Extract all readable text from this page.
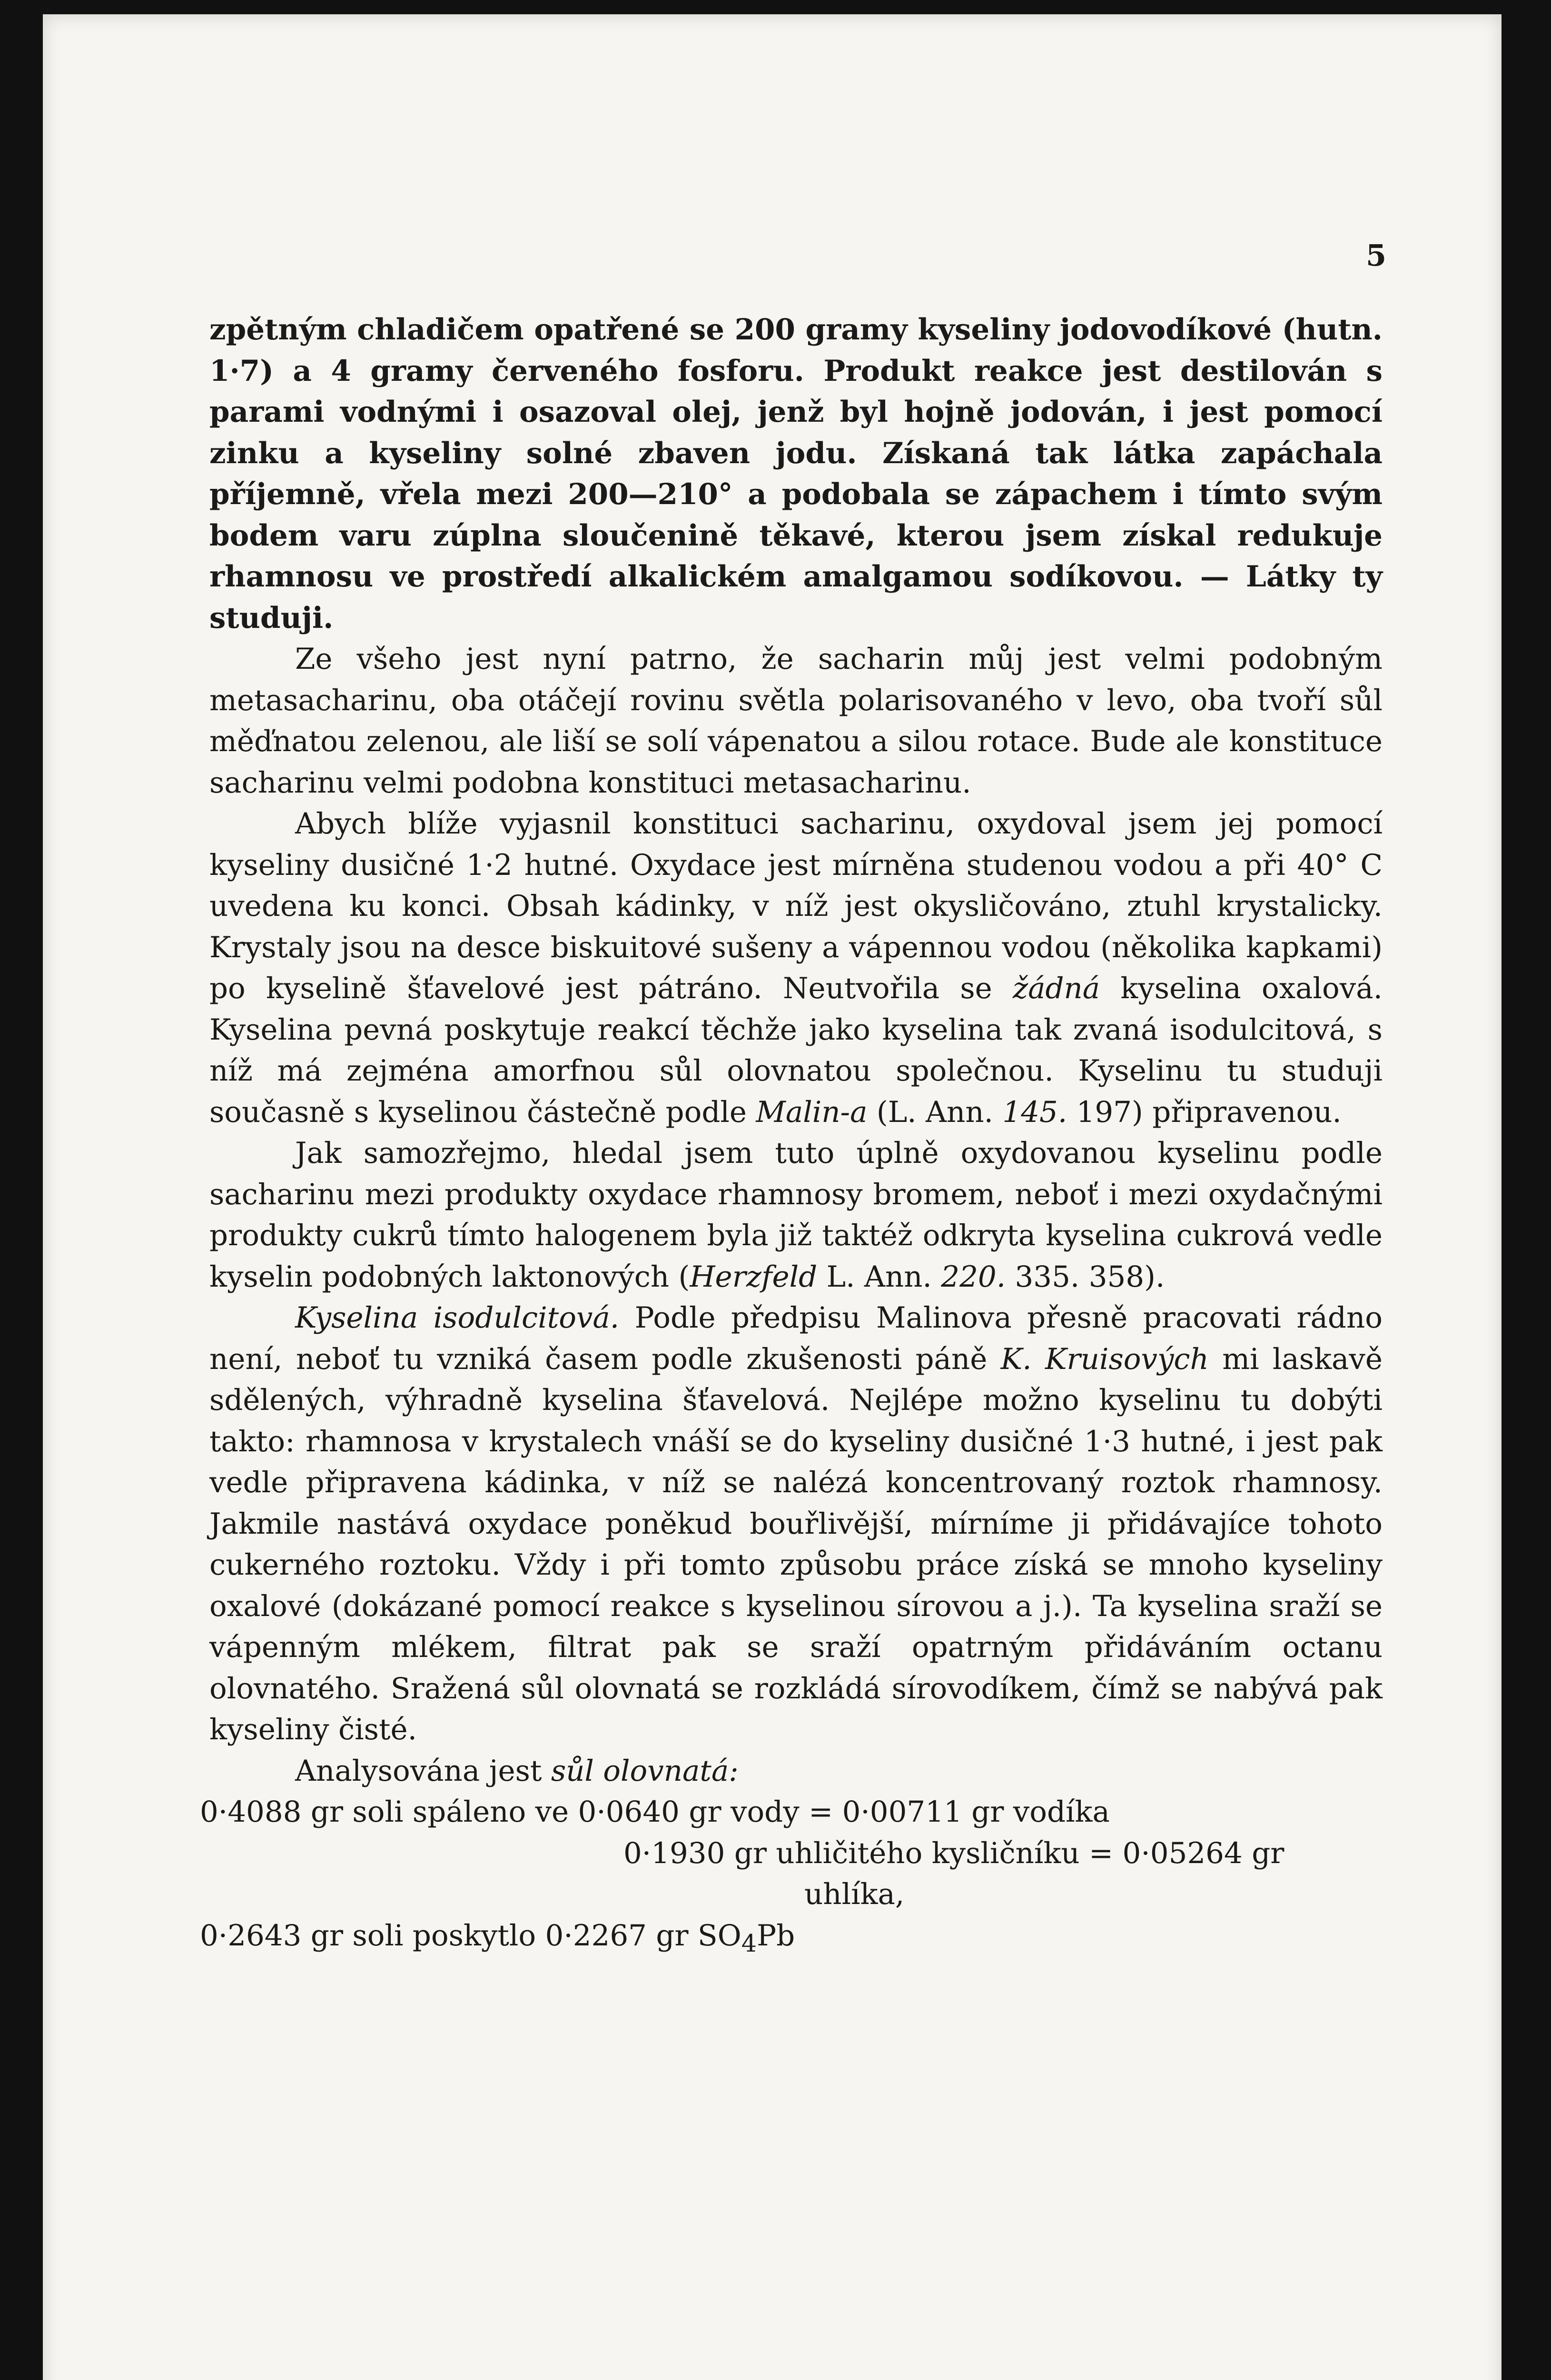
5

zpětným chladičem opatřené se 200 gramy kyseliny jodovodíkové (hutn. 1·7) a 4 gramy červeného fosforu. Produkt reakce jest destilován s parami vodnými i osazoval olej, jenž byl hojně jodován, i jest pomocí zinku a kyseliny solné zbaven jodu. Získaná tak látka zapáchala příjemně, vřela mezi 200—210° a podobala se zápachem i tímto svým bodem varu zúplna sloučenině těkavé, kterou jsem získal redukuje rhamnosu ve prostředí alkalickém amalgamou sodíkovou. — Látky ty studuji.

Ze všeho jest nyní patrno, že sacharin můj jest velmi podobným metasacharinu, oba otáčejí rovinu světla polarisovaného v levo, oba tvoří sůl měďnatou zelenou, ale liší se solí vápenatou a silou rotace. Bude ale konstituce sacharinu velmi podobna konstituci metasacharinu.

Abych blíže vyjasnil konstituci sacharinu, oxydoval jsem jej pomocí kyseliny dusičné 1·2 hutné. Oxydace jest mírněna studenou vodou a při 40° C uvedena ku konci. Obsah kádinky, v níž jest okysličováno, ztuhl krystalicky. Krystaly jsou na desce biskuitové sušeny a vápennou vodou (několika kapkami) po kyselině šťavelové jest pátráno. Neutvořila se žádná kyselina oxalová. Kyselina pevná poskytuje reakcí těchže jako kyselina tak zvaná isodulcitová, s níž má zejména amorfnou sůl olovnatou společnou. Kyselinu tu studuji současně s kyselinou částečně podle Malin-a (L. Ann. 145. 197) připravenou.

Jak samozřejmo, hledal jsem tuto úplně oxydovanou kyselinu podle sacharinu mezi produkty oxydace rhamnosy bromem, neboť i mezi oxydačnými produkty cukrů tímto halogenem byla již taktéž odkryta kyselina cukrová vedle kyselin podobných laktonových (Herzfeld L. Ann. 220. 335. 358).

Kyselina isodulcitová. Podle předpisu Malinova přesně pracovati rádno není, neboť tu vzniká časem podle zkušenosti páně K. Kruisových mi laskavě sdělených, výhradně kyselina šťavelová. Nejlépe možno kyselinu tu dobýti takto: rhamnosa v krystalech vnáší se do kyseliny dusičné 1·3 hutné, i jest pak vedle připravena kádinka, v níž se nalézá koncentrovaný roztok rhamnosy. Jakmile nastává oxydace poněkud bouřlivější, mírníme ji přidávajíce tohoto cukerného roztoku. Vždy i při tomto způsobu práce získá se mnoho kyseliny oxalové (dokázané pomocí reakce s kyselinou sírovou a j.). Ta kyselina sraží se vápenným mlékem, filtrat pak se sraží opatrným přidáváním octanu olovnatého. Sražená sůl olovnatá se rozkládá sírovodíkem, čímž se nabývá pak kyseliny čisté.

Analysována jest sůl olovnatá:
0·4088 gr soli spáleno ve 0·0640 gr vody = 0·00711 gr vodíka
0·1930 gr uhličitého kysličníku = 0·05264 gr
uhlíka,
0·2643 gr soli poskytlo 0·2267 gr $SO_4Pb$
